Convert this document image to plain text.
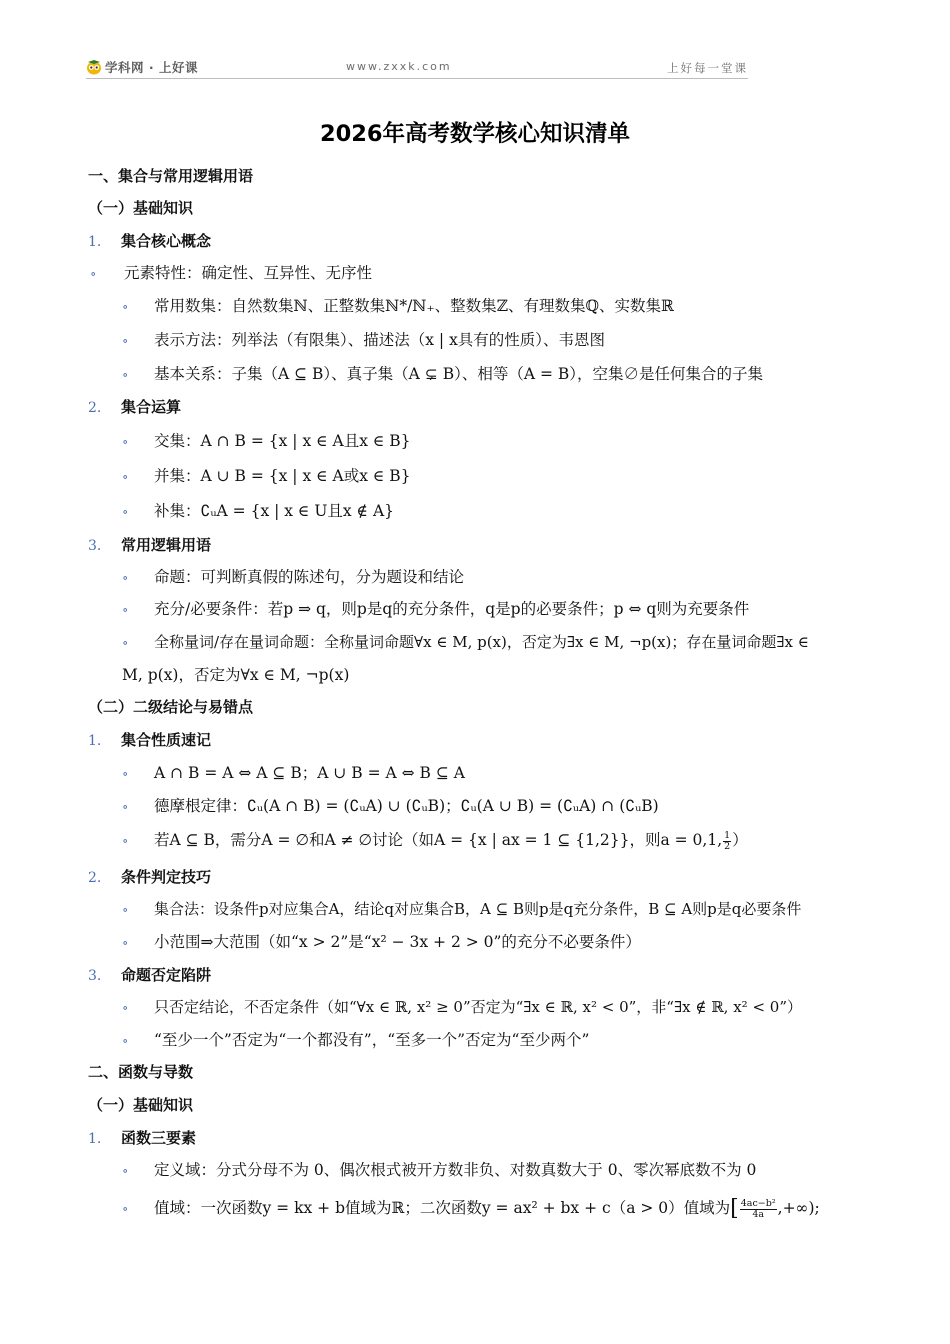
学科网 · 上好课	www.zxxk.com	上好每一堂课
2026年高考数学核心知识清单
一、集合与常用逻辑用语
（一）基础知识
1. 集合核心概念
∘ 元素特性：确定性、互异性、无序性
∘ 常用数集：自然数集ℕ、正整数集ℕ*/ℕ₊、整数集ℤ、有理数集ℚ、实数集ℝ
∘ 表示方法：列举法（有限集）、描述法（x | x具有的性质）、韦恩图
∘ 基本关系：子集（A ⊆ B）、真子集（A ⊊ B）、相等（A = B），空集∅是任何集合的子集
2. 集合运算
∘ 交集：A ∩ B = {x | x ∈ A且x ∈ B}
∘ 并集：A ∪ B = {x | x ∈ A或x ∈ B}
∘ 补集：∁ᵤA = {x | x ∈ U且x ∉ A}
3. 常用逻辑用语
∘ 命题：可判断真假的陈述句，分为题设和结论
∘ 充分/必要条件：若p ⇒ q，则p是q的充分条件，q是p的必要条件；p ⇔ q则为充要条件
∘ 全称量词/存在量词命题：全称量词命题∀x ∈ M, p(x)，否定为∃x ∈ M, ¬p(x)；存在量词命题∃x ∈
M, p(x)，否定为∀x ∈ M, ¬p(x)
（二）二级结论与易错点
1. 集合性质速记
∘ A ∩ B = A ⇔ A ⊆ B；A ∪ B = A ⇔ B ⊆ A
∘ 德摩根定律：∁ᵤ(A ∩ B) = (∁ᵤA) ∪ (∁ᵤB)；∁ᵤ(A ∪ B) = (∁ᵤA) ∩ (∁ᵤB)
∘ 若A ⊆ B，需分A = ∅和A ≠ ∅讨论（如A = {x | ax = 1 ⊆ {1,2}}，则a = 0,1, $\frac{1}{2}$ ）
2. 条件判定技巧
∘ 集合法：设条件p对应集合A，结论q对应集合B，A ⊆ B则p是q充分条件，B ⊆ A则p是q必要条件
∘ 小范围⇒大范围（如“x > 2”是“x² − 3x + 2 > 0”的充分不必要条件）
3. 命题否定陷阱
∘ 只否定结论，不否定条件（如“∀x ∈ ℝ, x² ≥ 0”否定为“∃x ∈ ℝ, x² < 0”，非“∃x ∉ ℝ, x² < 0”）
∘ “至少一个”否定为“一个都没有”，“至多一个”否定为“至少两个”
二、函数与导数
（一）基础知识
1. 函数三要素
∘ 定义域：分式分母不为 0、偶次根式被开方数非负、对数真数大于 0、零次幂底数不为 0
∘ 值域：一次函数y = kx + b值域为ℝ；二次函数y = ax² + bx + c（a > 0）值域为[ $\frac{\text{4ac−b²}}{4a}$ ,+∞);
